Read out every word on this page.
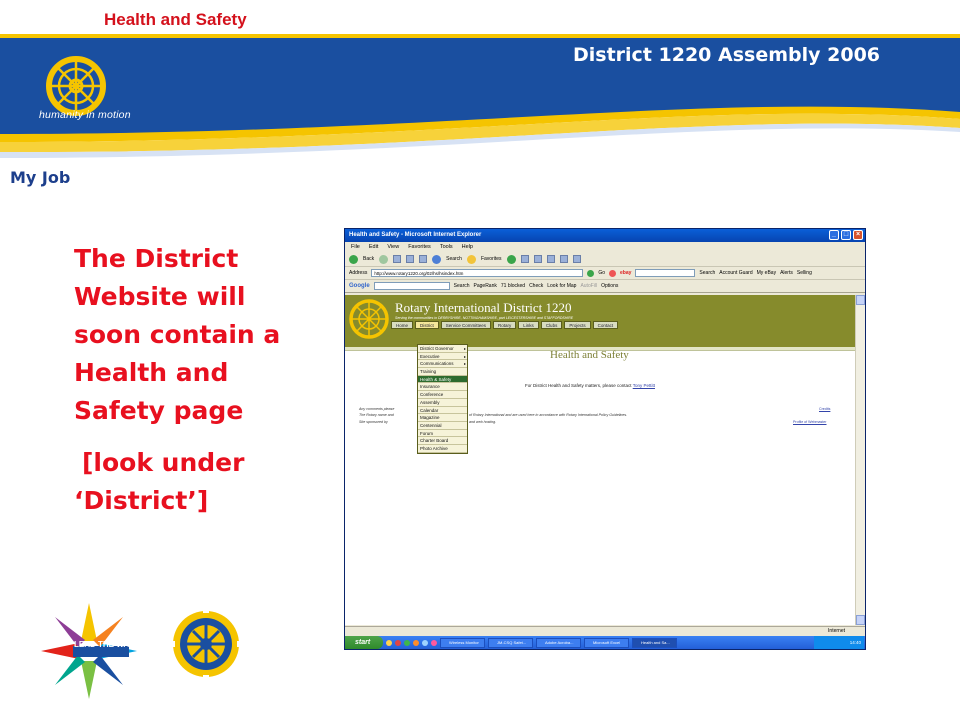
Health and Safety
District 1220 Assembly 2006
humanity in motion
My Job
The District
Website will
soon contain a
Health and
Safety page
[look under
‘District’]
Health and Safety - Microsoft Internet Explorer	_	□	×
File Edit View Favorites Tools Help
Back	Search	Favorites
Address	http://www.rotary1220.org/02/hs/hsindex.htm	Go	ebay	Search Account Guard My eBay Alerts Selling
Google	Search PageRank 71 blocked Check Look for Map AutoFill Options
Rotary International District 1220
Serving the communities in DERBYSHIRE, NOTTINGHAMSHIRE, part LEICESTERSHIRE and STAFFORDSHIRE
Home	District	Service Committees	Rotary	Links	Clubs	Projects	Contact
Health and Safety
For District Health and Safety matters, please contact Tony Pettitt
Any comments please
The Rotary name and	of Rotary International and are used here in accordance with Rotary International Policy Guidelines.
Site sponsored by	and web hosting.
Credits
Profile of Webmaster
District Governor	▸
Executive	▸
Communications	▸
Training
Health & Safety
Insurance
Conference
Assembly
Calendar
Magazine
Centennial
Forum
Charter Board
Photo Archive
Internet
start	Wireless Monitor	JM-CSQ Safet...	Adobe Acroba...	Microsoft Excel	Health and Sa...	14:40
LEAD THE WAY
